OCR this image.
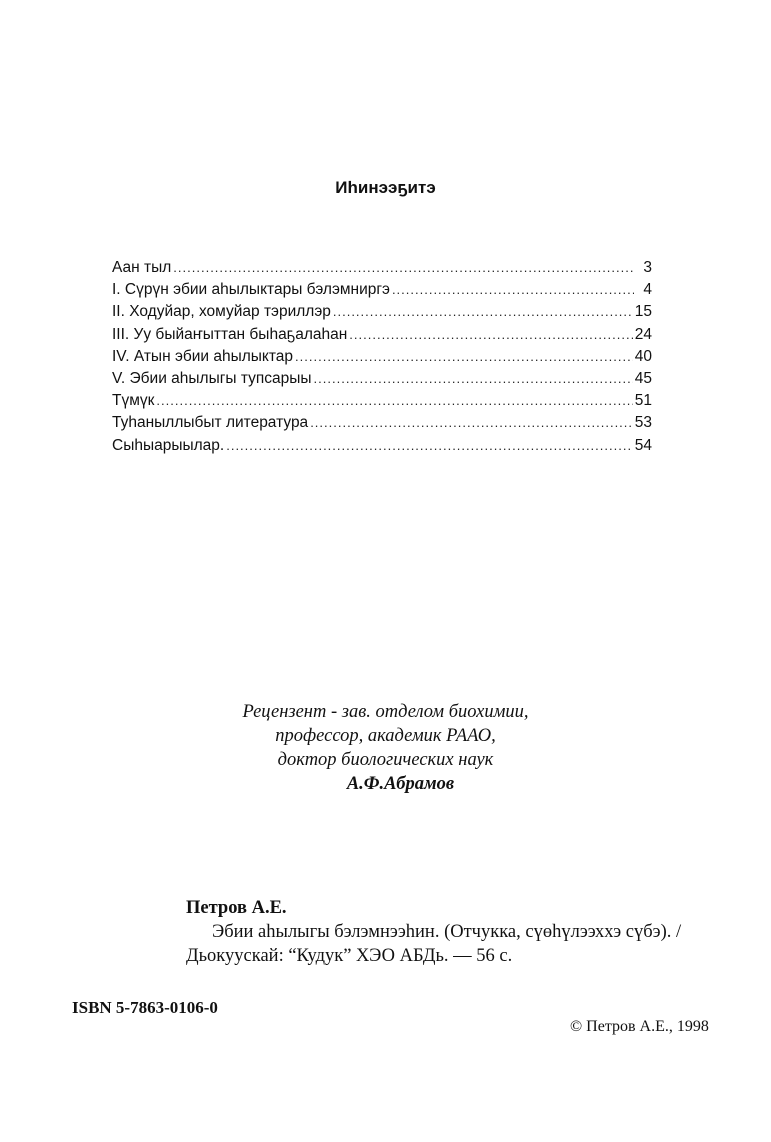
Иһинээҕитэ
Аан тыл .....	3
I. Сүрүн эбии аһылыктары бэлэмниргэ .....	4
II. Ходуйар, хомуйар тэриллэр .....	15
III. Уу быйаҥыттан быһаҕалаһан .....	24
IV. Атын эбии аһылыктар .....	40
V. Эбии аһылыгы тупсарыы .....	45
Түмүк .....	51
Туһаныллыбыт литература .....	53
Сыһыарыылар. .....	54
Рецензент - зав. отделом биохимии,
профессор, академик РААО,
доктор биологических наук
А.Ф.Абрамов
Петров А.Е.
Эбии аһылыгы бэлэмнээһин. (Отчукка, сүөһүлээххэ сүбэ). /Дьокуускай: “Кудук” ХЭО АБДь. — 56 с.
ISBN 5-7863-0106-0
© Петров А.Е., 1998
